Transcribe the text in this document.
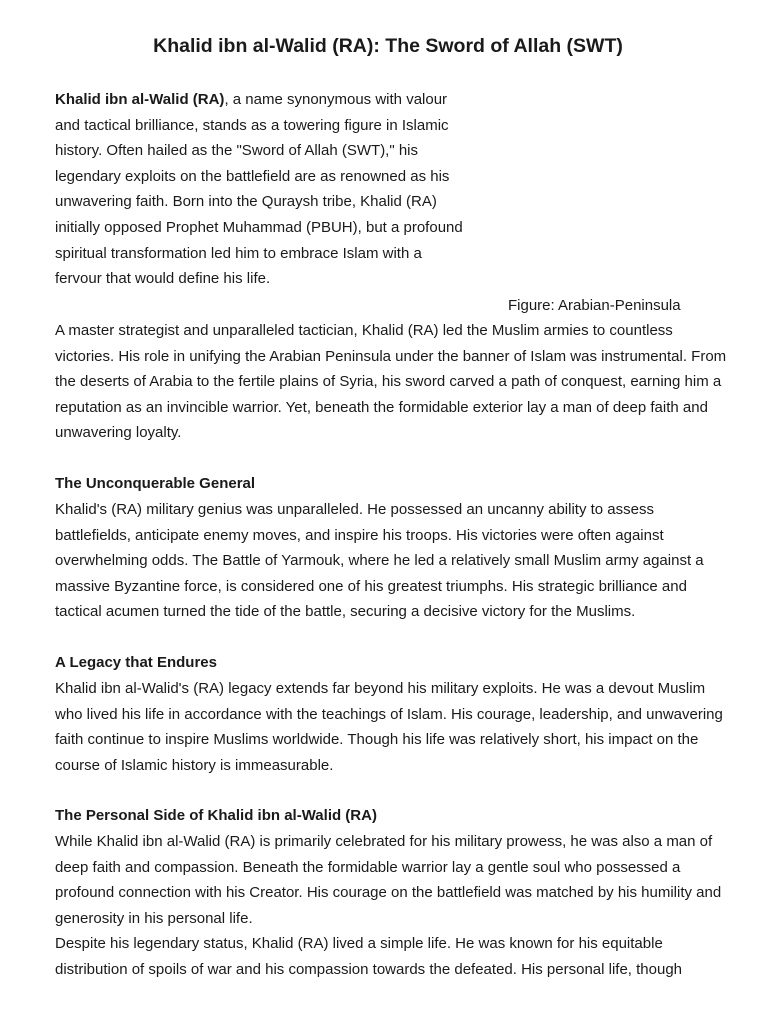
Khalid ibn al-Walid (RA): The Sword of Allah (SWT)

Khalid ibn al-Walid (RA), a name synonymous with valour and tactical brilliance, stands as a towering figure in Islamic history. Often hailed as the "Sword of Allah (SWT)," his legendary exploits on the battlefield are as renowned as his unwavering faith. Born into the Quraysh tribe, Khalid (RA) initially opposed Prophet Muhammad (PBUH), but a profound spiritual transformation led him to embrace Islam with a fervour that would define his life.

Figure: Arabian-Peninsula

A master strategist and unparalleled tactician, Khalid (RA) led the Muslim armies to countless victories. His role in unifying the Arabian Peninsula under the banner of Islam was instrumental. From the deserts of Arabia to the fertile plains of Syria, his sword carved a path of conquest, earning him a reputation as an invincible warrior. Yet, beneath the formidable exterior lay a man of deep faith and unwavering loyalty.

The Unconquerable General

Khalid's (RA) military genius was unparalleled. He possessed an uncanny ability to assess battlefields, anticipate enemy moves, and inspire his troops. His victories were often against overwhelming odds. The Battle of Yarmouk, where he led a relatively small Muslim army against a massive Byzantine force, is considered one of his greatest triumphs. His strategic brilliance and tactical acumen turned the tide of the battle, securing a decisive victory for the Muslims.

A Legacy that Endures

Khalid ibn al-Walid's (RA) legacy extends far beyond his military exploits. He was a devout Muslim who lived his life in accordance with the teachings of Islam. His courage, leadership, and unwavering faith continue to inspire Muslims worldwide. Though his life was relatively short, his impact on the course of Islamic history is immeasurable.

The Personal Side of Khalid ibn al-Walid (RA)

While Khalid ibn al-Walid (RA) is primarily celebrated for his military prowess, he was also a man of deep faith and compassion. Beneath the formidable warrior lay a gentle soul who possessed a profound connection with his Creator. His courage on the battlefield was matched by his humility and generosity in his personal life.

Despite his legendary status, Khalid (RA) lived a simple life. He was known for his equitable distribution of spoils of war and his compassion towards the defeated. His personal life, though
